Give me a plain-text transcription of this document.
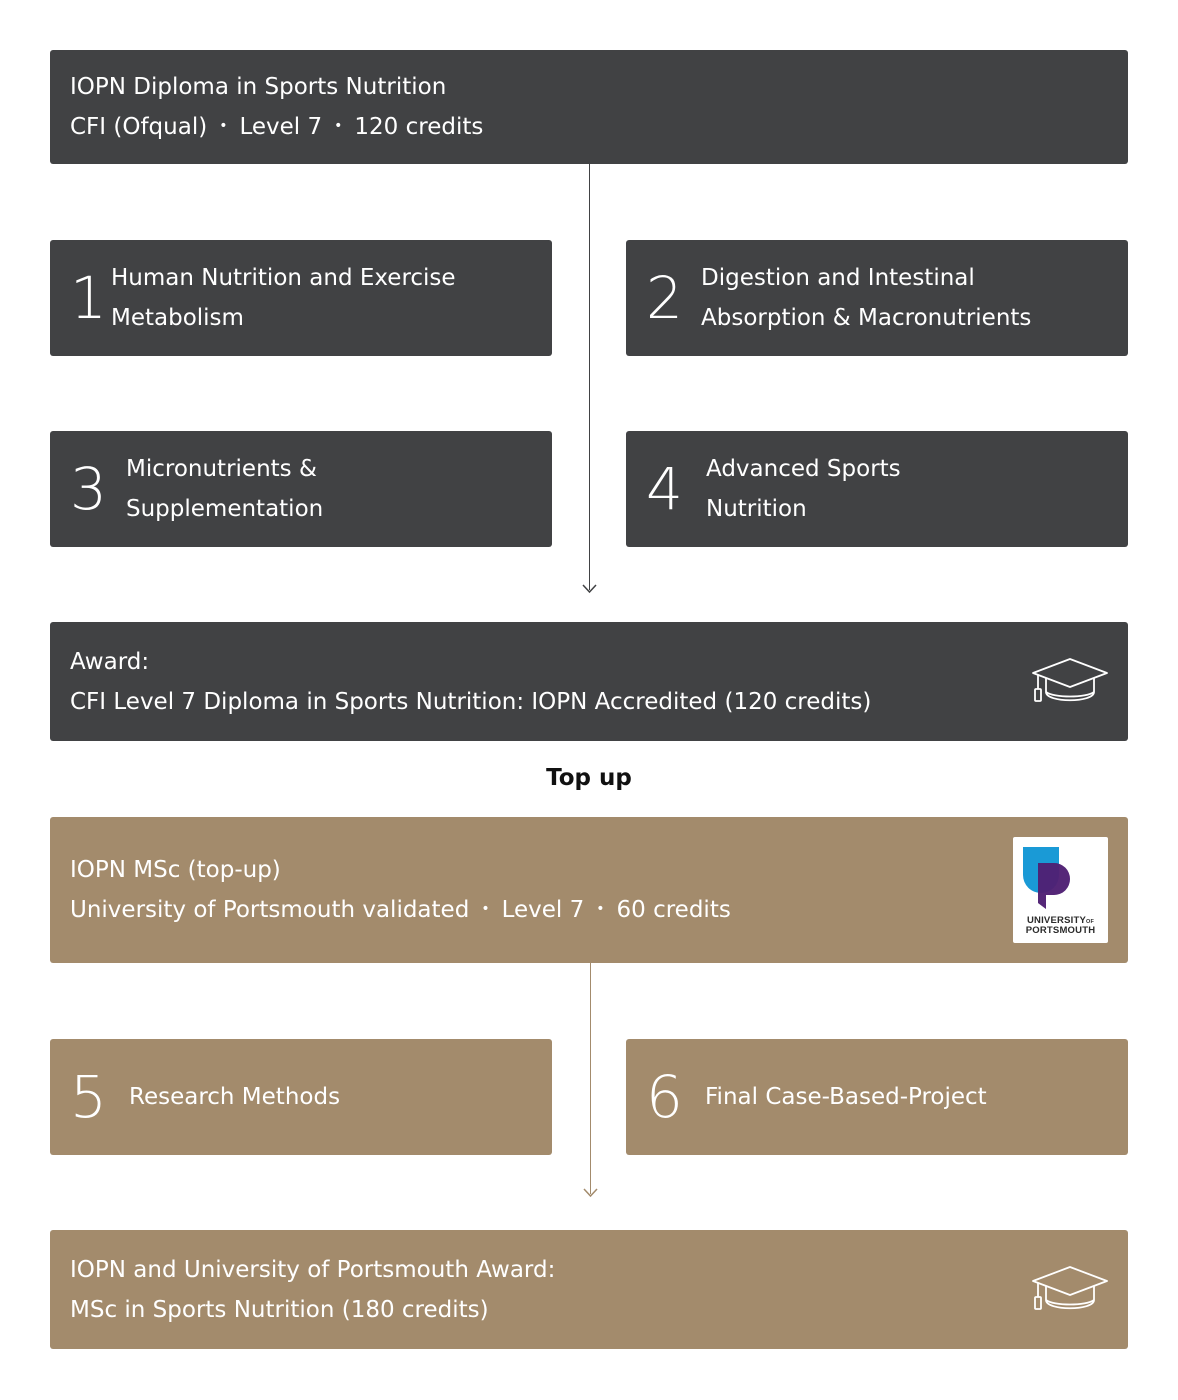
IOPN Diploma in Sports Nutrition
CFI (Ofqual) • Level 7 • 120 credits
1 Human Nutrition and Exercise
Metabolism	2 Digestion and Intestinal
Absorption & Macronutrients
3 Micronutrients &
Supplementation	4	Advanced Sports
Nutrition
Award:
CFI Level 7 Diploma in Sports Nutrition: IOPN Accredited (120 credits)
Top up
IOPN MSc (top-up)
University of Portsmouth validated • Level 7 • 60 credits	UNIVERSITYOF
PORTSMOUTH
5 Research Methods	6 Final Case-Based-Project
IOPN and University of Portsmouth Award:
MSc in Sports Nutrition (180 credits)
